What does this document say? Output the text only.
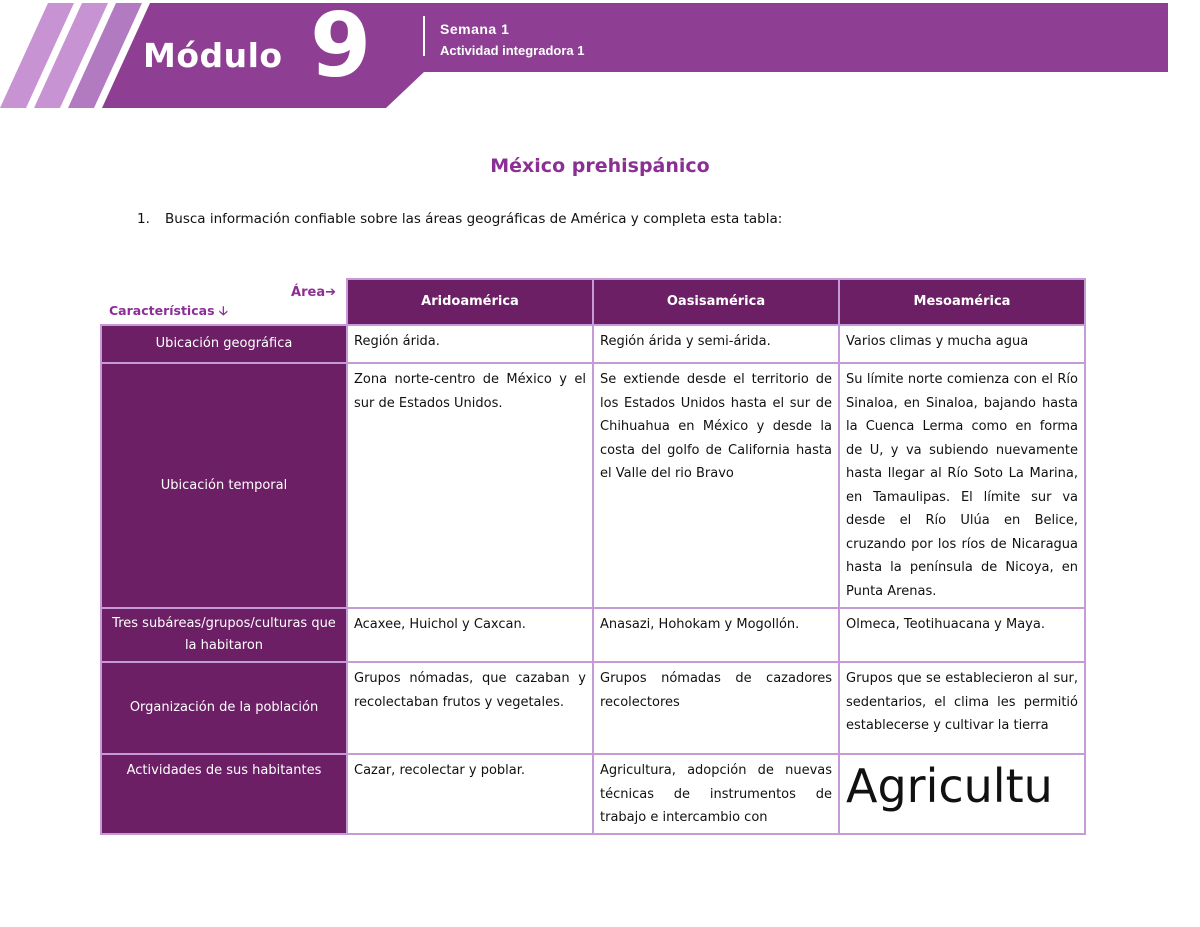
Módulo 9	Semana 1
Actividad integradora 1
México prehispánico
1. Busca información confiable sobre las áreas geográficas de América y completa esta tabla:
Área➔
Características 🡣	Aridoamérica	Oasisamérica	Mesoamérica
Ubicación geográfica	Región árida.	Región árida y semi-árida.	Varios climas y mucha agua
Ubicación temporal	Zona norte-centro de México y el sur de Estados Unidos.	Se extiende desde el territorio de los Estados Unidos hasta el sur de Chihuahua en México y desde la costa del golfo de California hasta el Valle del rio Bravo	Su límite norte comienza con el Río Sinaloa, en Sinaloa, bajando hasta la Cuenca Lerma como en forma de U, y va subiendo nuevamente hasta llegar al Río Soto La Marina, en Tamaulipas. El límite sur va desde el Río Ulúa en Belice, cruzando por los ríos de Nicaragua hasta la península de Nicoya, en Punta Arenas.
Tres subáreas/grupos/culturas que la habitaron	Acaxee, Huichol y Caxcan.	Anasazi, Hohokam y Mogollón.	Olmeca, Teotihuacana y Maya.
Organización de la población	Grupos nómadas, que cazaban y recolectaban frutos y vegetales.	Grupos nómadas de cazadores recolectores	Grupos que se establecieron al sur, sedentarios, el clima les permitió establecerse y cultivar la tierra
Actividades de sus habitantes	Cazar, recolectar y poblar.	Agricultura, adopción de nuevas técnicas de instrumentos de trabajo e intercambio con	Agricultu
